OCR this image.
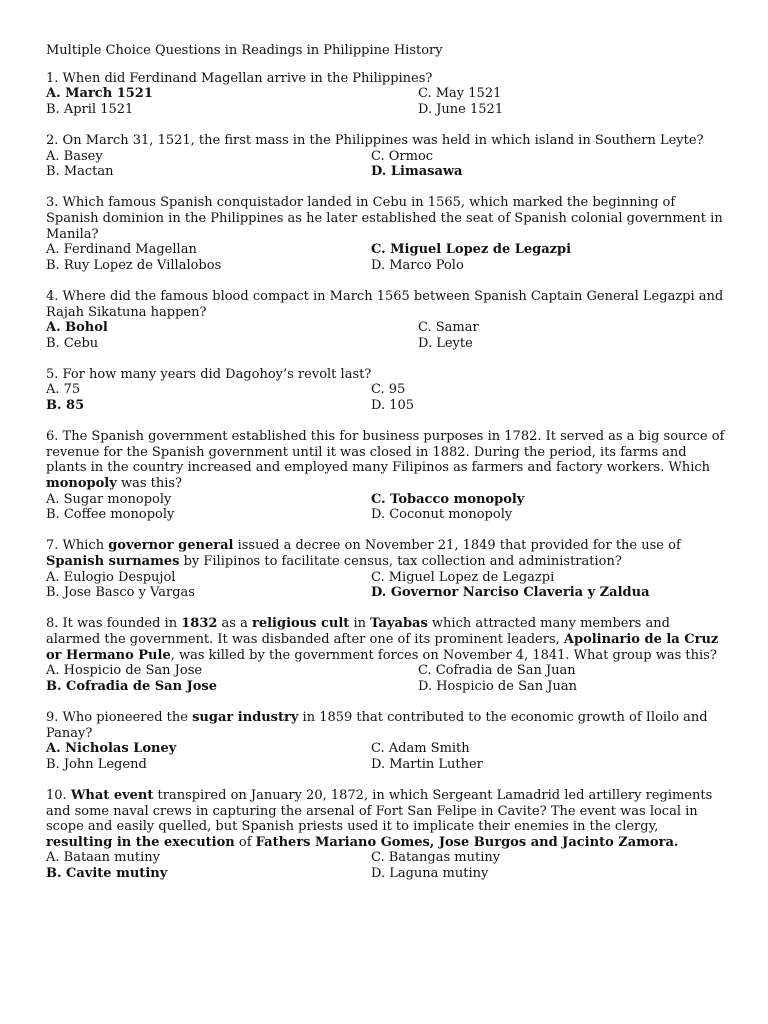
Multiple Choice Questions in Readings in Philippine History

1. When did Ferdinand Magellan arrive in the Philippines?

A. March 1521	C. May 1521
B. April 1521	D. June 1521

2. On March 31, 1521, the first mass in the Philippines was held in which island in Southern Leyte?

A. Basey	C. Ormoc
B. Mactan	D. Limasawa

3. Which famous Spanish conquistador landed in Cebu in 1565, which marked the beginning of Spanish dominion in the Philippines as he later established the seat of Spanish colonial government in Manila?

A. Ferdinand Magellan	C. Miguel Lopez de Legazpi
B. Ruy Lopez de Villalobos	D. Marco Polo

4. Where did the famous blood compact in March 1565 between Spanish Captain General Legazpi and Rajah Sikatuna happen?

A. Bohol	C. Samar
B. Cebu	D. Leyte

5. For how many years did Dagohoy’s revolt last?

A. 75	C. 95
B. 85	D. 105

6. The Spanish government established this for business purposes in 1782. It served as a big source of revenue for the Spanish government until it was closed in 1882. During the period, its farms and plants in the country increased and employed many Filipinos as farmers and factory workers. Which monopoly was this?

A. Sugar monopoly	C. Tobacco monopoly
B. Coffee monopoly	D. Coconut monopoly

7. Which governor general issued a decree on November 21, 1849 that provided for the use of Spanish surnames by Filipinos to facilitate census, tax collection and administration?

A. Eulogio Despujol	C. Miguel Lopez de Legazpi
B. Jose Basco y Vargas	D. Governor Narciso Claveria y Zaldua

8. It was founded in 1832 as a religious cult in Tayabas which attracted many members and alarmed the government. It was disbanded after one of its prominent leaders, Apolinario de la Cruz or Hermano Pule, was killed by the government forces on November 4, 1841. What group was this?

A. Hospicio de San Jose	C. Cofradia de San Juan
B. Cofradia de San Jose	D. Hospicio de San Juan

9. Who pioneered the sugar industry in 1859 that contributed to the economic growth of Iloilo and Panay?

A. Nicholas Loney	C. Adam Smith
B. John Legend	D. Martin Luther

10. What event transpired on January 20, 1872, in which Sergeant Lamadrid led artillery regiments and some naval crews in capturing the arsenal of Fort San Felipe in Cavite? The event was local in scope and easily quelled, but Spanish priests used it to implicate their enemies in the clergy, resulting in the execution of Fathers Mariano Gomes, Jose Burgos and Jacinto Zamora.

A. Bataan mutiny	C. Batangas mutiny
B. Cavite mutiny	D. Laguna mutiny
